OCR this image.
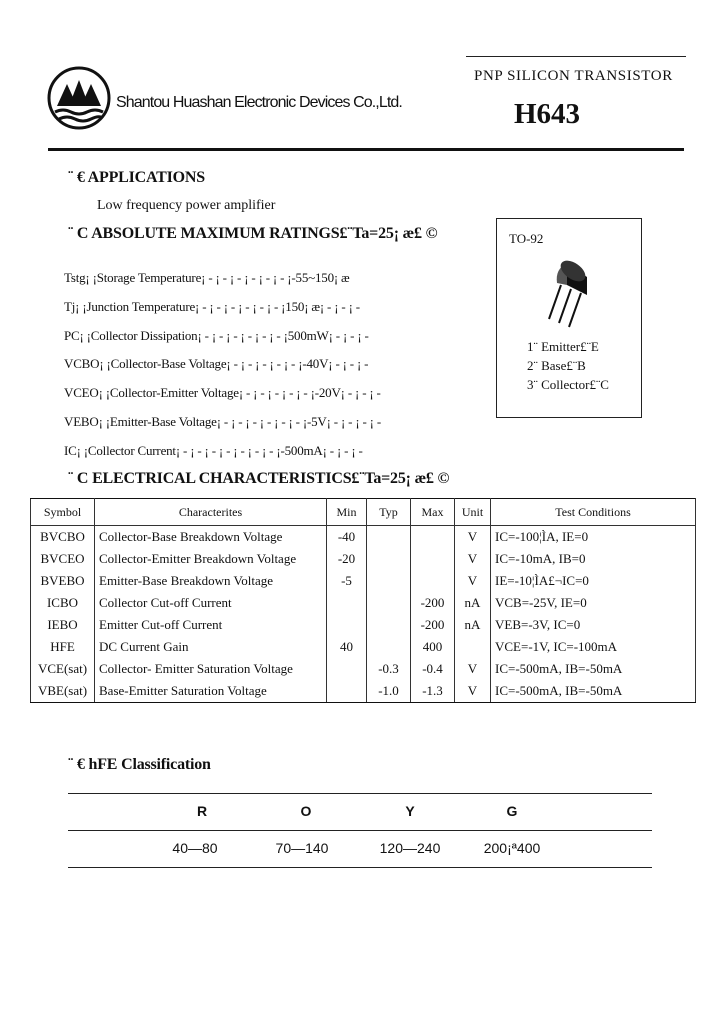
Shantou Huashan Electronic Devices Co.,Ltd.
PNP SILICON TRANSISTOR
H643
¨ € APPLICATIONS
Low frequency power amplifier
¨ C ABSOLUTE MAXIMUM RATINGS£¨Ta=25¡ æ£ ©
Tstg¡ ¡Storage Temperature¡ - ¡ - ¡ - ¡ - ¡ - ¡ - ¡-55~150¡ æ
Tj¡ ¡Junction Temperature¡ - ¡ - ¡ - ¡ - ¡ - ¡ - ¡150¡ æ¡ - ¡ - ¡ -
PC¡ ¡Collector Dissipation¡ - ¡ - ¡ - ¡ - ¡ - ¡ - ¡500mW¡ - ¡ - ¡ -
VCBO¡ ¡Collector-Base Voltage¡ - ¡ - ¡ - ¡ - ¡ - ¡-40V¡ - ¡ - ¡ -
VCEO¡ ¡Collector-Emitter Voltage¡ - ¡ - ¡ - ¡ - ¡ - ¡-20V¡ - ¡ - ¡ -
VEBO¡ ¡Emitter-Base Voltage¡ - ¡ - ¡ - ¡ - ¡ - ¡ - ¡-5V¡ - ¡ - ¡ - ¡ -
IC¡ ¡Collector Current¡ - ¡ - ¡ - ¡ - ¡ - ¡ - ¡ - ¡-500mA¡ - ¡ - ¡ -
TO-92
1¨ Emitter£¨E
2¨ Base£¨B
3¨ Collector£¨C
¨ C ELECTRICAL CHARACTERISTICS£¨Ta=25¡ æ£ ©
Symbol	Characterites	Min	Typ	Max	Unit	Test Conditions
BVCBO	Collector-Base Breakdown Voltage	-40			V	IC=-100¦ÌA, IE=0
BVCEO	Collector-Emitter Breakdown Voltage	-20			V	IC=-10mA, IB=0
BVEBO	Emitter-Base Breakdown Voltage	-5			V	IE=-10¦ÌA£¬IC=0
ICBO	Collector Cut-off Current			-200	nA	VCB=-25V, IE=0
IEBO	Emitter Cut-off Current			-200	nA	VEB=-3V, IC=0
HFE	DC Current Gain	40		400		VCE=-1V, IC=-100mA
VCE(sat)	Collector- Emitter Saturation Voltage		-0.3	-0.4	V	IC=-500mA, IB=-50mA
VBE(sat)	Base-Emitter Saturation Voltage		-1.0	-1.3	V	IC=-500mA, IB=-50mA
¨ € hFE Classification
R	O	Y	G
40—80	70—140	120—240	200¡ª400
